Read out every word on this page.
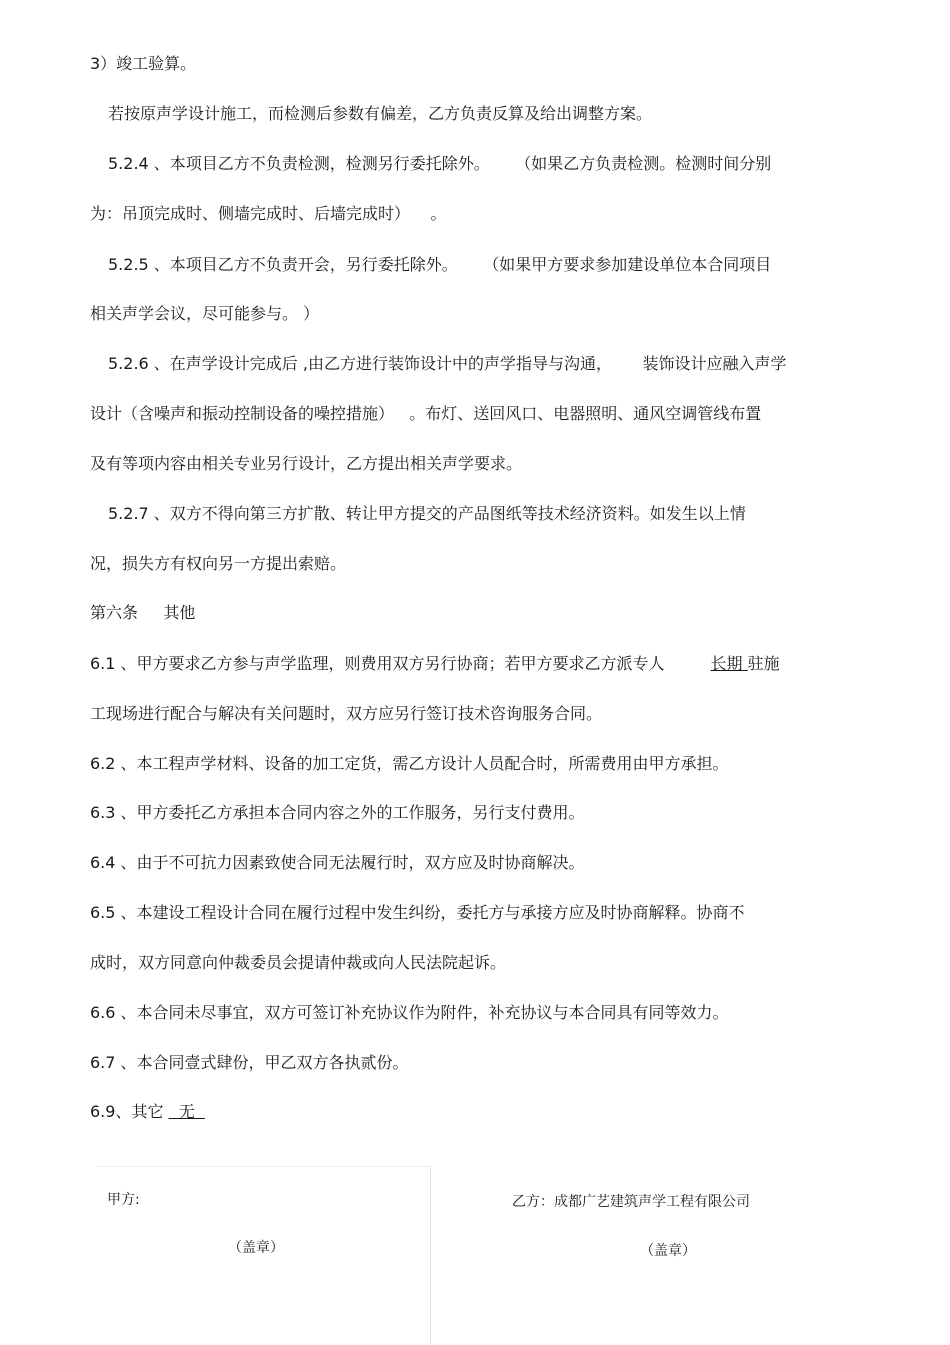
3）竣工验算。
若按原声学设计施工，而检测后参数有偏差，乙方负责反算及给出调整方案。
5.2.4 、本项目乙方不负责检测，检测另行委托除外。     （如果乙方负责检测。检测时间分别
为：吊顶完成时、侧墙完成时、后墙完成时）    。
5.2.5 、本项目乙方不负责开会，另行委托除外。     （如果甲方要求参加建设单位本合同项目
相关声学会议，尽可能参与。 ）
5.2.6 、在声学设计完成后 ,由乙方进行装饰设计中的声学指导与沟通，      装饰设计应融入声学
设计（含噪声和振动控制设备的噪控措施）   。布灯、送回风口、电器照明、通风空调管线布置
及有等项内容由相关专业另行设计，乙方提出相关声学要求。
5.2.7 、双方不得向第三方扩散、转让甲方提交的产品图纸等技术经济资料。如发生以上情
况，损失方有权向另一方提出索赔。
第六条     其他
6.1 、甲方要求乙方参与声学监理，则费用双方另行协商；若甲方要求乙方派专人	长期 驻施
工现场进行配合与解决有关问题时，双方应另行签订技术咨询服务合同。
6.2 、本工程声学材料、设备的加工定货，需乙方设计人员配合时，所需费用由甲方承担。
6.3 、甲方委托乙方承担本合同内容之外的工作服务，另行支付费用。
6.4 、由于不可抗力因素致使合同无法履行时，双方应及时协商解决。
6.5 、本建设工程设计合同在履行过程中发生纠纷，委托方与承接方应及时协商解释。协商不
成时，双方同意向仲裁委员会提请仲裁或向人民法院起诉。
6.6 、本合同未尽事宜，双方可签订补充协议作为附件，补充协议与本合同具有同等效力。
6.7 、本合同壹式肆份，甲乙双方各执贰份。
6.9、其它   无
甲方:
（盖章）
乙方：成都广艺建筑声学工程有限公司
（盖章）
